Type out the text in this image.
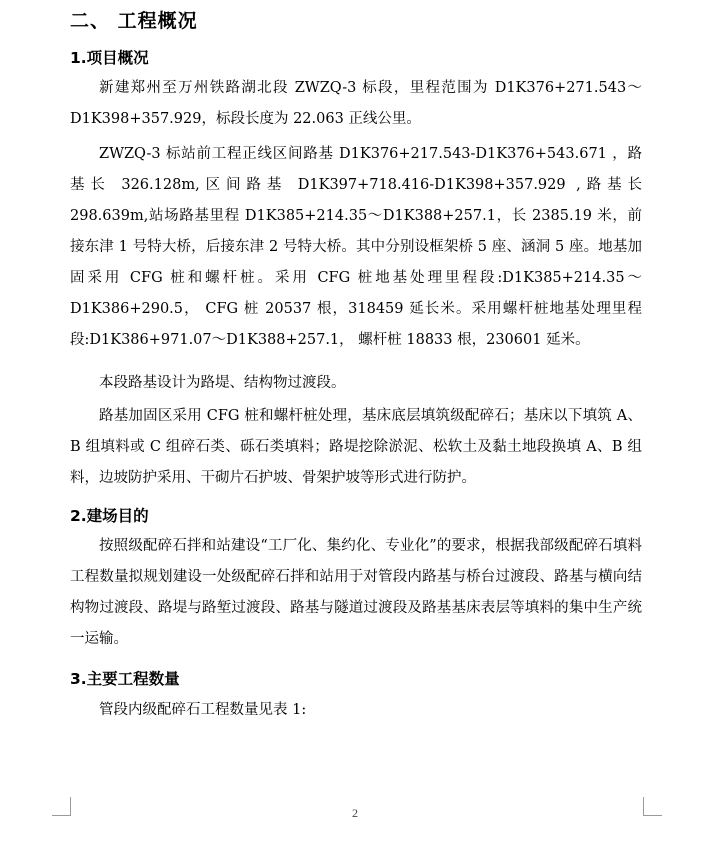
二、 工程概况
1.项目概况

新建郑州至万州铁路湖北段 ZWZQ-3 标段，里程范围为 D1K376+271.543～D1K398+357.929，标段长度为 22.063 正线公里。

ZWZQ-3 标站前工程正线区间路基 D1K376+217.543-D1K376+543.671 ，路基长 326.128m,区间路基 D1K397+718.416-D1K398+357.929 ,路基长 298.639m,站场路基里程 D1K385+214.35～D1K388+257.1，长 2385.19 米，前接东津 1 号特大桥，后接东津 2 号特大桥。其中分别设框架桥 5 座、涵洞 5 座。地基加固采用 CFG 桩和螺杆桩。采用 CFG 桩地基处理里程段:D1K385+214.35～D1K386+290.5， CFG 桩 20537 根，318459 延长米。采用螺杆桩地基处理里程段:D1K386+971.07～D1K388+257.1， 螺杆桩 18833 根，230601 延米。

本段路基设计为路堤、结构物过渡段。

路基加固区采用 CFG 桩和螺杆桩处理，基床底层填筑级配碎石；基床以下填筑 A、B 组填料或 C 组碎石类、砾石类填料；路堤挖除淤泥、松软土及黏土地段换填 A、B 组料，边坡防护采用、干砌片石护坡、骨架护坡等形式进行防护。

2.建场目的

按照级配碎石拌和站建设“工厂化、集约化、专业化”的要求，根据我部级配碎石填料工程数量拟规划建设一处级配碎石拌和站用于对管段内路基与桥台过渡段、路基与横向结构物过渡段、路堤与路堑过渡段、路基与隧道过渡段及路基基床表层等填料的集中生产统一运输。

3.主要工程数量

管段内级配碎石工程数量见表 1:

2
